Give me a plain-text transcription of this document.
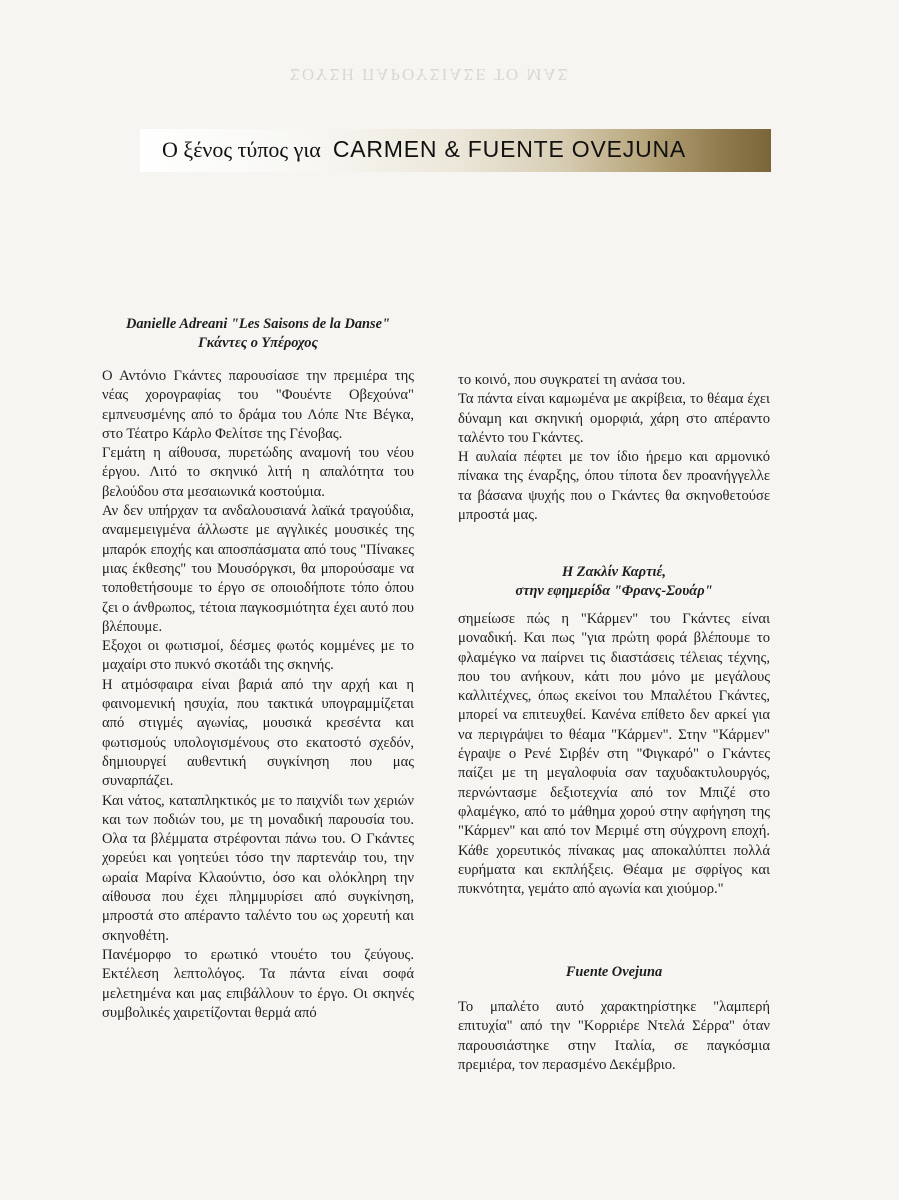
ΣΟΥΣΗ ΠΑΡΟΥΣΙΑΣΕ ΤΟ ΜΑΣ
Ο ξένος τύπος για CARMEN & FUENTE OVEJUNA
Danielle Adreani "Les Saisons de la Danse"
Γκάντες ο Υπέροχος

Ο Αντόνιο Γκάντες παρουσίασε την πρεμιέρα της νέας χορογραφίας του "Φουέντε Οβεχούνα" εμπνευσμένης από το δράμα του Λόπε Ντε Βέγκα, στο Τέατρο Κάρλο Φελίτσε της Γένοβας.

Γεμάτη η αίθουσα, πυρετώδης αναμονή του νέου έργου. Λιτό το σκηνικό λιτή η απαλότητα του βελούδου στα μεσαιωνικά κοστούμια.

Αν δεν υπήρχαν τα ανδαλουσιανά λαϊκά τραγούδια, αναμεμειγμένα άλλωστε με αγγλικές μουσικές της μπαρόκ εποχής και αποσπάσματα από τους "Πίνακες μιας έκθεσης" του Μουσόργκσι, θα μπορούσαμε να τοποθετήσουμε το έργο σε οποιοδήποτε τόπο όπου ζει ο άνθρωπος, τέτοια παγκοσμιότητα έχει αυτό που βλέπουμε.

Εξοχοι οι φωτισμοί, δέσμες φωτός κομμένες με το μαχαίρι στο πυκνό σκοτάδι της σκηνής.

Η ατμόσφαιρα είναι βαριά από την αρχή και η φαινομενική ησυχία, που τακτικά υπογραμμίζεται από στιγμές αγωνίας, μουσικά κρεσέντα και φωτισμούς υπολογισμένους στο εκατοστό σχεδόν, δημιουργεί αυθεντική συγκίνηση που μας συναρπάζει.

Και νάτος, καταπληκτικός με το παιχνίδι των χεριών και των ποδιών του, με τη μοναδική παρουσία του. Ολα τα βλέμματα στρέφονται πάνω του. Ο Γκάντες χορεύει και γοητεύει τόσο την παρτενάιρ του, την ωραία Μαρίνα Κλαούντιο, όσο και ολόκληρη την αίθουσα που έχει πλημμυρίσει από συγκίνηση, μπροστά στο απέραντο ταλέντο του ως χορευτή και σκηνοθέτη.

Πανέμορφο το ερωτικό ντουέτο του ζεύγους. Εκτέλεση λεπτολόγος. Τα πάντα είναι σοφά μελετημένα και μας επιβάλλουν το έργο. Οι σκηνές συμβολικές χαιρετίζονται θερμά από

το κοινό, που συγκρατεί τη ανάσα του.

Τα πάντα είναι καμωμένα με ακρίβεια, το θέαμα έχει δύναμη και σκηνική ομορφιά, χάρη στο απέραντο ταλέντο του Γκάντες.

Η αυλαία πέφτει με τον ίδιο ήρεμο και αρμονικό πίνακα της έναρξης, όπου τίποτα δεν προανήγγελλε τα βάσανα ψυχής που ο Γκάντες θα σκηνοθετούσε μπροστά μας.

Η Ζακλίν Καρτιέ,
στην εφημερίδα "Φρανς-Σουάρ"

σημείωσε πώς η "Κάρμεν" του Γκάντες είναι μοναδική. Και πως "για πρώτη φορά βλέπουμε το φλαμέγκο να παίρνει τις διαστάσεις τέλειας τέχνης, που του ανήκουν, κάτι που μόνο με μεγάλους καλλιτέχνες, όπως εκείνοι του Μπαλέτου Γκάντες, μπορεί να επιτευχθεί. Κανένα επίθετο δεν αρκεί για να περιγράψει το θέαμα "Κάρμεν". Στην "Κάρμεν" έγραψε ο Ρενέ Σιρβέν στη "Φιγκαρό" ο Γκάντες παίζει με τη μεγαλοφυία σαν ταχυδακτυλουργός, περνώντασμε δεξιοτεχνία από τον Μπιζέ στο φλαμέγκο, από το μάθημα χορού στην αφήγηση της "Κάρμεν" και από τον Μεριμέ στη σύγχρονη εποχή. Κάθε χορευτικός πίνακας μας αποκαλύπτει πολλά ευρήματα και εκπλήξεις. Θέαμα με σφρίγος και πυκνότητα, γεμάτο από αγωνία και χιούμορ."

Fuente Ovejuna

Το μπαλέτο αυτό χαρακτηρίστηκε "λαμπερή επιτυχία" από την "Κορριέρε Ντελά Σέρρα" όταν παρουσιάστηκε στην Ιταλία, σε παγκόσμια πρεμιέρα, τον περασμένο Δεκέμβριο.
